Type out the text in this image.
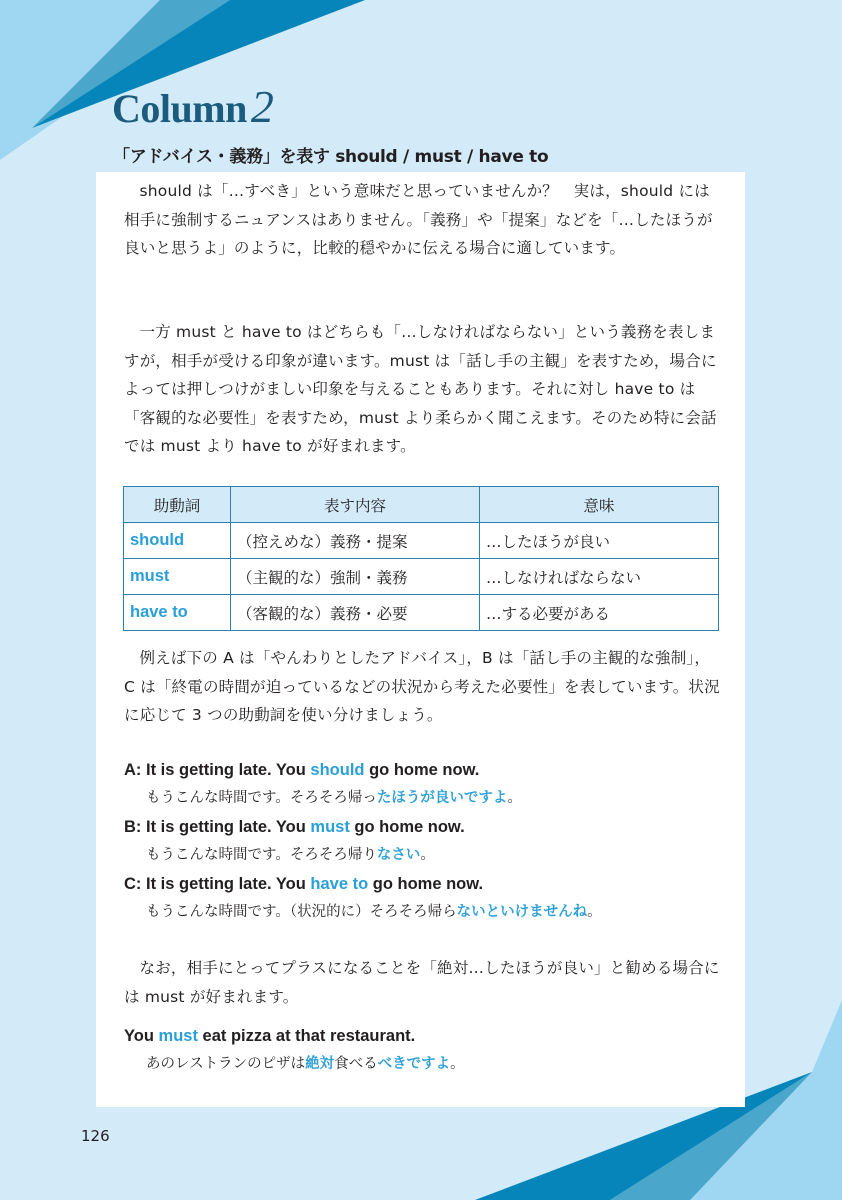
Column2
「アドバイス・義務」を表す should / must / have to

should は「…すべき」という意味だと思っていませんか？　実は，should には相手に強制するニュアンスはありません。「義務」や「提案」などを「…したほうが良いと思うよ」のように，比較的穏やかに伝える場合に適しています。

一方 must と have to はどちらも「…しなければならない」という義務を表しますが，相手が受ける印象が違います。must は「話し手の主観」を表すため，場合によっては押しつけがましい印象を与えることもあります。それに対し have to は「客観的な必要性」を表すため，must より柔らかく聞こえます。そのため特に会話では must より have to が好まれます。

助動詞	表す内容	意味
should	（控えめな）義務・提案	…したほうが良い
must	（主観的な）強制・義務	…しなければならない
have to	（客観的な）義務・必要	…する必要がある

例えば下の A は「やんわりとしたアドバイス」，B は「話し手の主観的な強制」，C は「終電の時間が迫っているなどの状況から考えた必要性」を表しています。状況に応じて 3 つの助動詞を使い分けましょう。

A: It is getting late. You should go home now.
もうこんな時間です。そろそろ帰ったほうが良いですよ。
B: It is getting late. You must go home now.
もうこんな時間です。そろそろ帰りなさい。
C: It is getting late. You have to go home now.
もうこんな時間です。（状況的に）そろそろ帰らないといけませんね。

なお，相手にとってプラスになることを「絶対…したほうが良い」と勧める場合には must が好まれます。

You must eat pizza at that restaurant.
あのレストランのピザは絶対食べるべきですよ。
126
